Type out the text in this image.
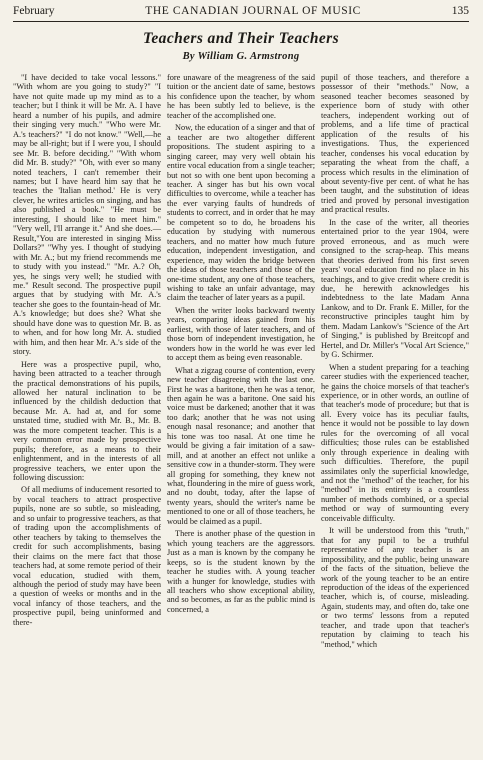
February	THE CANADIAN JOURNAL OF MUSIC	135
Teachers and Their Teachers
By William G. Armstrong

"I have decided to take vocal lessons." "With whom are you going to study?" "I have not quite made up my mind as to a teacher; but I think it will be Mr. A. I have heard a number of his pupils, and admire their singing very much." "Who were Mr. A.'s teachers?" "I do not know." "Well,—he may be all-right; but if I were you, I should see Mr. B. before deciding." "With whom did Mr. B. study?" "Oh, with ever so many noted teachers, I can't remember their names; but I have heard him say that he teaches the 'Italian method.' He is very clever, he writes articles on singing, and has also published a book." "He must be interesting, I should like to meet him." "Very well, I'll arrange it." And she does.—Result,"You are interested in singing Miss Dollars?" "Why yes. I thought of studying with Mr. A.; but my friend recommends me to study with you instead." "Mr. A.? Oh, yes, he sings very well; he studied with me." Result second. The prospective pupil argues that by studying with Mr. A.'s teacher she goes to the fountain-head of Mr. A.'s knowledge; but does she? What she should have done was to question Mr. B. as to when, and for how long Mr. A. studied with him, and then hear Mr. A.'s side of the story.

Here was a prospective pupil, who, having been attracted to a teacher through the practical demonstrations of his pupils, allowed her natural inclination to be influenced by the childish deduction that because Mr. A. had at, and for some unstated time, studied with Mr. B., Mr. B. was the more competent teacher. This is a very common error made by prospective pupils; therefore, as a means to their enlightenment, and in the interests of all progressive teachers, we enter upon the following discussion:

Of all mediums of inducement resorted to by vocal teachers to attract prospective pupils, none are so subtle, so misleading, and so unfair to progressive teachers, as that of trading upon the accomplishments of other teachers by taking to themselves the credit for such accomplishments, basing their claims on the mere fact that those teachers had, at some remote period of their vocal education, studied with them, although the period of study may have been a question of weeks or months and in the vocal infancy of those teachers, and the prospective pupil, being uninformed and there-

fore unaware of the meagreness of the said tuition or the ancient date of same, bestows his confidence upon the teacher, by whom he has been subtly led to believe, is the teacher of the accomplished one.

Now, the education of a singer and that of a teacher are two altogether different propositions. The student aspiring to a singing career, may very well obtain his entire vocal education from a single teacher; but not so with one bent upon becoming a teacher. A singer has but his own vocal difficulties to overcome, while a teacher has the ever varying faults of hundreds of students to correct, and in order that he may be competent so to do, he broadens his education by studying with numerous teachers, and no matter how much future education, independent investigation, and experience, may widen the bridge between the ideas of those teachers and those of the one-time student, any one of those teachers, wishing to take an unfair advantage, may claim the teacher of later years as a pupil.

When the writer looks backward twenty years, comparing ideas gained from his earliest, with those of later teachers, and of those born of independent investigation, he wonders how in the world he was ever led to accept them as being even reasonable.

What a zigzag course of contention, every new teacher disagreeing with the last one. First he was a baritone, then he was a tenor, then again he was a baritone. One said his voice must be darkened; another that it was too dark; another that he was not using enough nasal resonance; and another that his tone was too nasal. At one time he would be giving a fair imitation of a saw-mill, and at another an effect not unlike a sensitive cow in a thunder-storm. They were all groping for something, they knew not what, floundering in the mire of guess work, and no doubt, today, after the lapse of twenty years, should the writer's name be mentioned to one or all of those teachers, he would be claimed as a pupil.

There is another phase of the question in which young teachers are the aggressors. Just as a man is known by the company he keeps, so is the student known by the teacher he studies with. A young teacher with a hunger for knowledge, studies with all teachers who show exceptional ability, and so becomes, as far as the public mind is concerned, a

pupil of those teachers, and therefore a possessor of their "methods." Now, a seasoned teacher becomes seasoned by experience born of study with other teachers, independent working out of problems, and a life time of practical application of the results of his investigations. Thus, the experienced teacher, condenses his vocal education by separating the wheat from the chaff, a process which results in the elimination of about seventy-five per cent. of what he has been taught, and the substitution of ideas tried and proved by personal investigation and practical results.

In the case of the writer, all theories entertained prior to the year 1904, were proved erroneous, and as much were consigned to the scrap-heap. This means that theories derived from his first seven years' vocal education find no place in his teachings, and to give credit where credit is due, he herewith acknowledges his indebtedness to the late Madam Anna Lankow, and to Dr. Frank E. Miller, for the reconstructive principles taught him by them. Madam Lankow's "Science of the Art of Singing," is published by Breitcopf and Hertel, and Dr. Miller's "Vocal Art Science," by G. Schirmer.

When a student preparing for a teaching career studies with the experienced teacher, he gains the choice morsels of that teacher's experience, or in other words, an outline of that teacher's mode of procedure; but that is all. Every voice has its peculiar faults, hence it would not be possible to lay down rules for the overcoming of all vocal difficulties; those rules can be established only through experience in dealing with such difficulties. Therefore, the pupil assimilates only the superficial knowledge, and not the "method" of the teacher, for his "method" in its entirety is a countless number of methods combined, or a special method or way of surmounting every conceivable difficulty.

It will be understood from this "truth," that for any pupil to be a truthful representative of any teacher is an impossibility, and the public, being unaware of the facts of the situation, believe the work of the young teacher to be an entire reproduction of the ideas of the experienced teacher, which is, of course, misleading. Again, students may, and often do, take one or two terms' lessons from a reputed teacher, and trade upon that teacher's reputation by claiming to teach his "method," which
